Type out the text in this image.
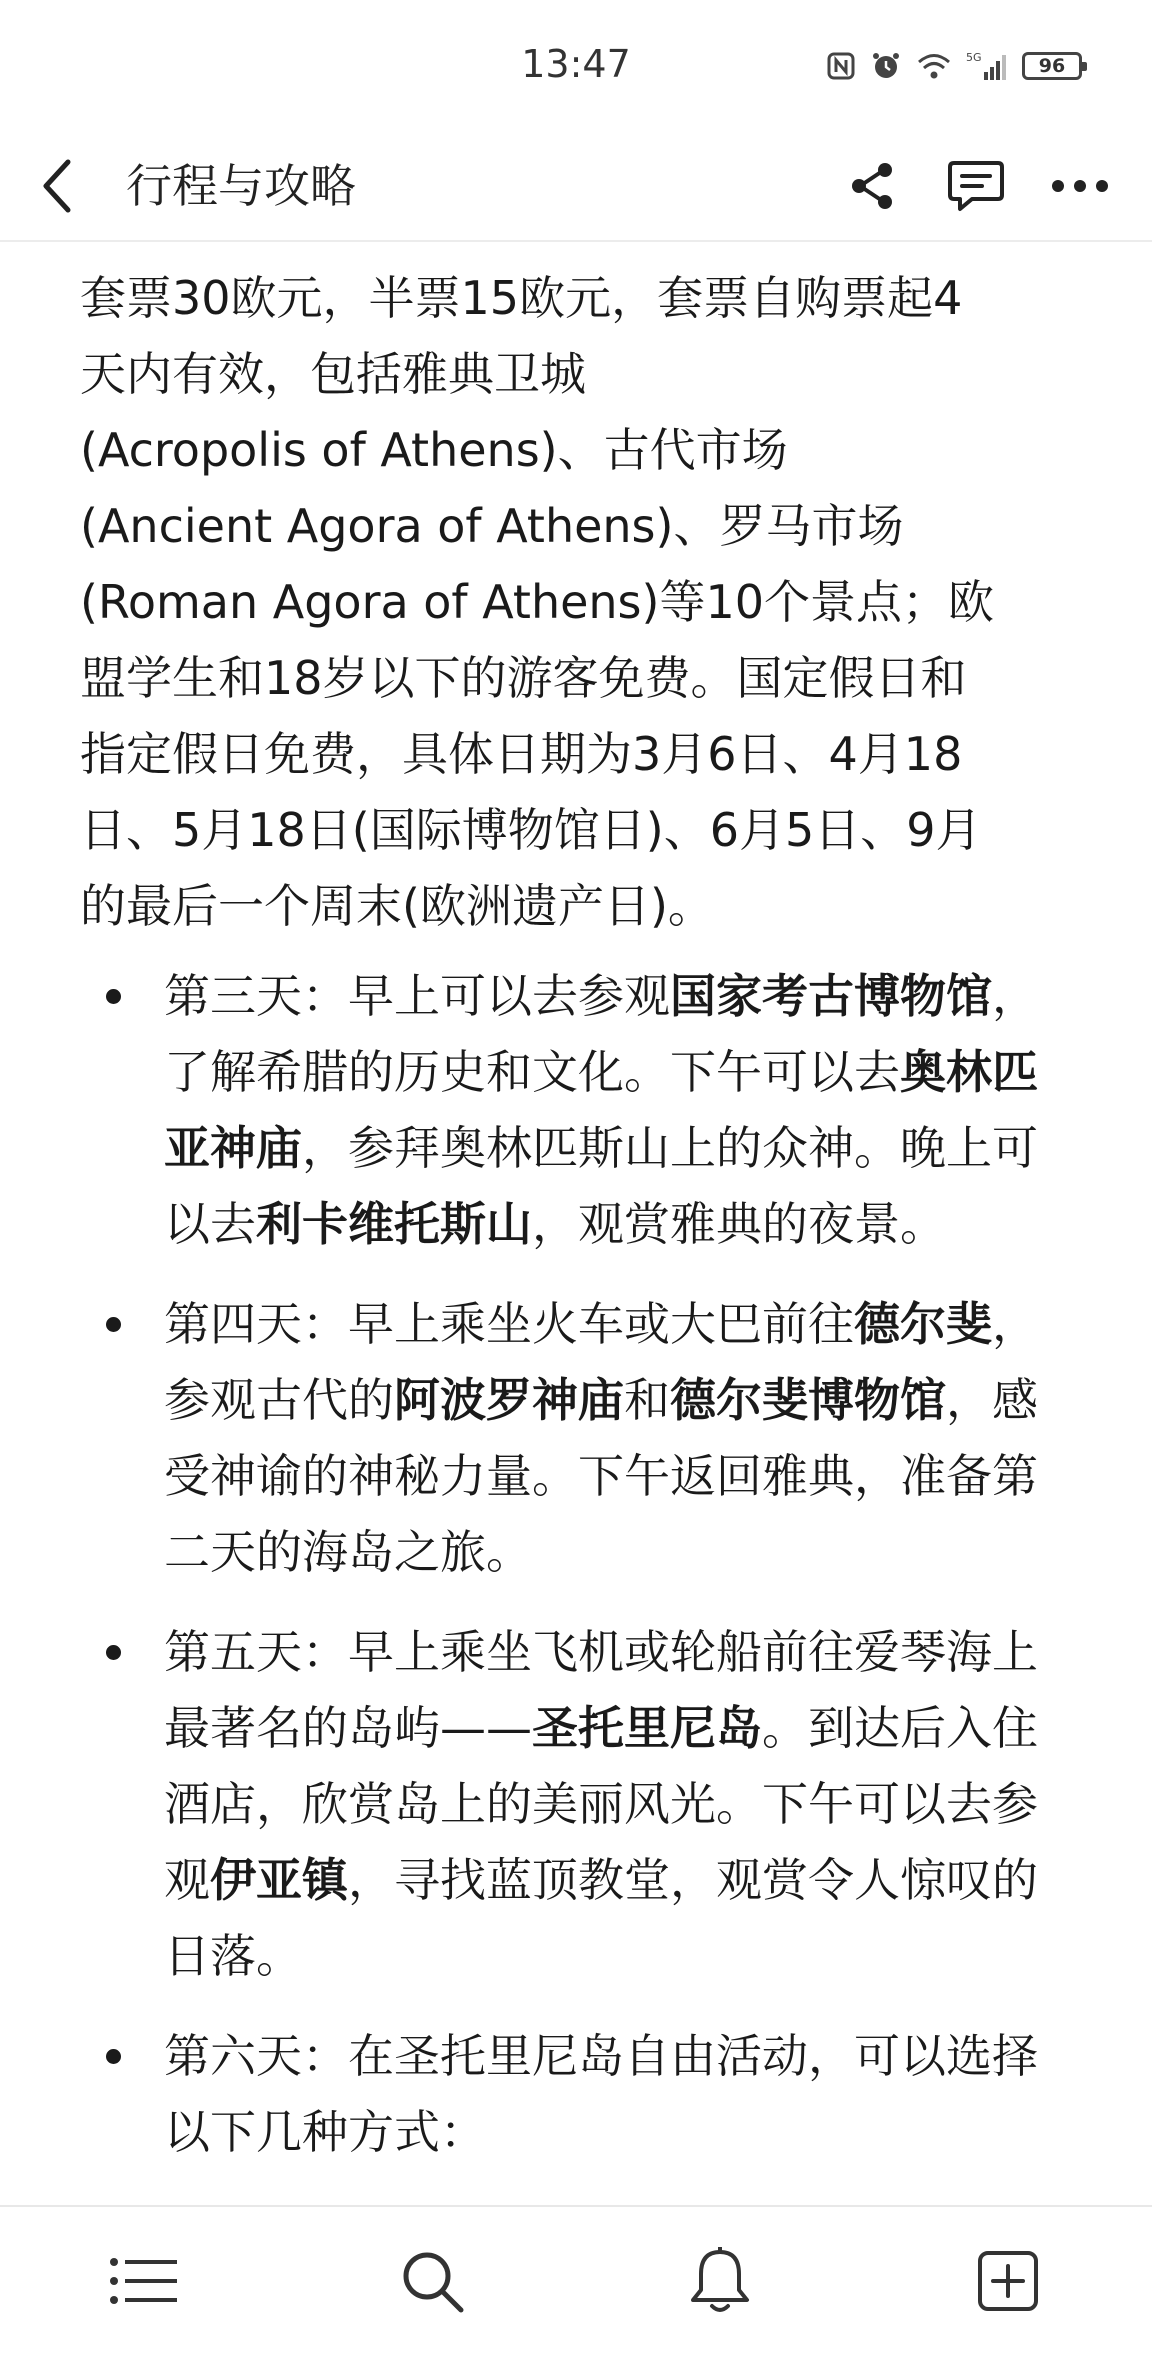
13:47	5G	96
行程与攻略

套票30欧元，半票15欧元，套票自购票起4
天内有效，包括雅典卫城
(Acropolis of Athens)、古代市场
(Ancient Agora of Athens)、罗马市场
(Roman Agora of Athens)等10个景点；欧
盟学生和18岁以下的游客免费。国定假日和
指定假日免费，具体日期为3月6日、4月18
日、5月18日(国际博物馆日)、6月5日、9月
的最后一个周末(欧洲遗产日)。

第三天：早上可以去参观国家考古博物馆，了解希腊的历史和文化。下午可以去奥林匹亚神庙，参拜奥林匹斯山上的众神。晚上可以去利卡维托斯山，观赏雅典的夜景。
第四天：早上乘坐火车或大巴前往德尔斐，参观古代的阿波罗神庙和德尔斐博物馆，感受神谕的神秘力量。下午返回雅典，准备第二天的海岛之旅。
第五天：早上乘坐飞机或轮船前往爱琴海上最著名的岛屿——圣托里尼岛。到达后入住酒店，欣赏岛上的美丽风光。下午可以去参观伊亚镇，寻找蓝顶教堂，观赏令人惊叹的日落。
第六天：在圣托里尼岛自由活动，可以选择以下几种方式：
